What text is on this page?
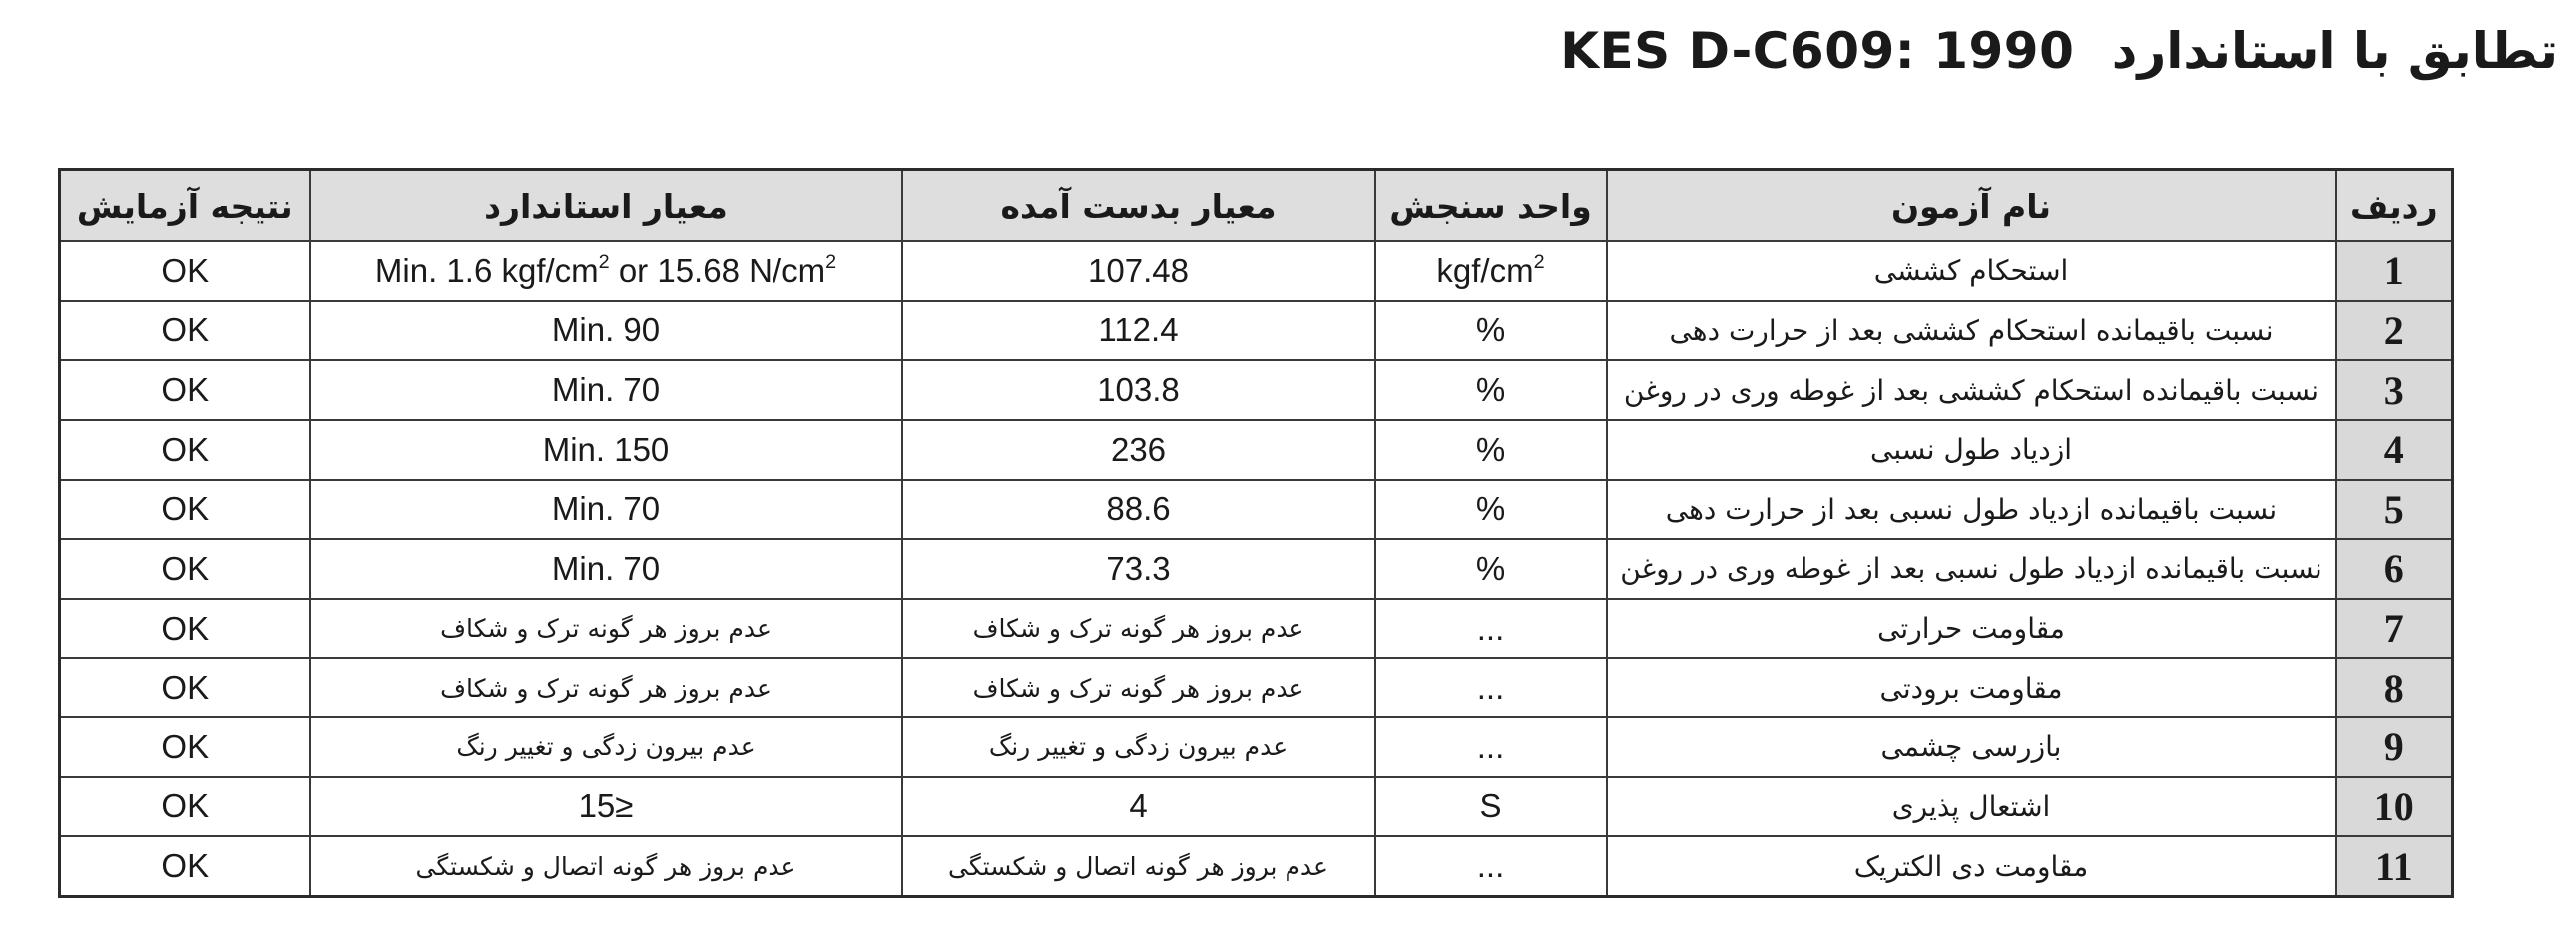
تطابق با استاندارد KES D-C609: 1990
ردیف	نام آزمون	واحد سنجش	معیار بدست آمده	معیار استاندارد	نتیجه آزمایش
1	استحکام کششی	kgf/$cm^2$	107.48	Min. 1.6 kgf/$cm^2$ or 15.68 $N/cm^2$	OK
2	نسبت باقیمانده استحکام کششی بعد از حرارت دهی	%	112.4	Min. 90	OK
3	نسبت باقیمانده استحکام کششی بعد از غوطه وری در روغن	%	103.8	Min. 70	OK
4	ازدیاد طول نسبی	%	236	Min. 150	OK
5	نسبت باقیمانده ازدیاد طول نسبی بعد از حرارت دهی	%	88.6	Min. 70	OK
6	نسبت باقیمانده ازدیاد طول نسبی بعد از غوطه وری در روغن	%	73.3	Min. 70	OK
7	مقاومت حرارتی	...	عدم بروز هر گونه ترک و شکاف	عدم بروز هر گونه ترک و شکاف	OK
8	مقاومت برودتی	...	عدم بروز هر گونه ترک و شکاف	عدم بروز هر گونه ترک و شکاف	OK
9	بازرسی چشمی	...	عدم بیرون زدگی و تغییر رنگ	عدم بیرون زدگی و تغییر رنگ	OK
10	اشتعال پذیری	S	4	≤15	OK
11	مقاومت دی الکتریک	...	عدم بروز هر گونه اتصال و شکستگی	عدم بروز هر گونه اتصال و شکستگی	OK
